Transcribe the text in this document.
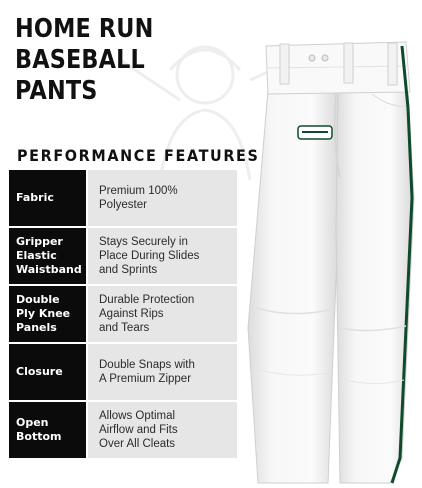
HOME RUN BASEBALL
PANTS
PERFORMANCE FEATURES
Fabric	Premium 100%
Polyester
Gripper
Elastic
Waistband
Stays Securely in
Place During Slides
and Sprints
Double
Ply Knee
Panels
Durable Protection
Against Rips
and Tears
Closure	Double Snaps with
A Premium Zipper
Open
Bottom
Allows Optimal
Airflow and Fits
Over All Cleats
